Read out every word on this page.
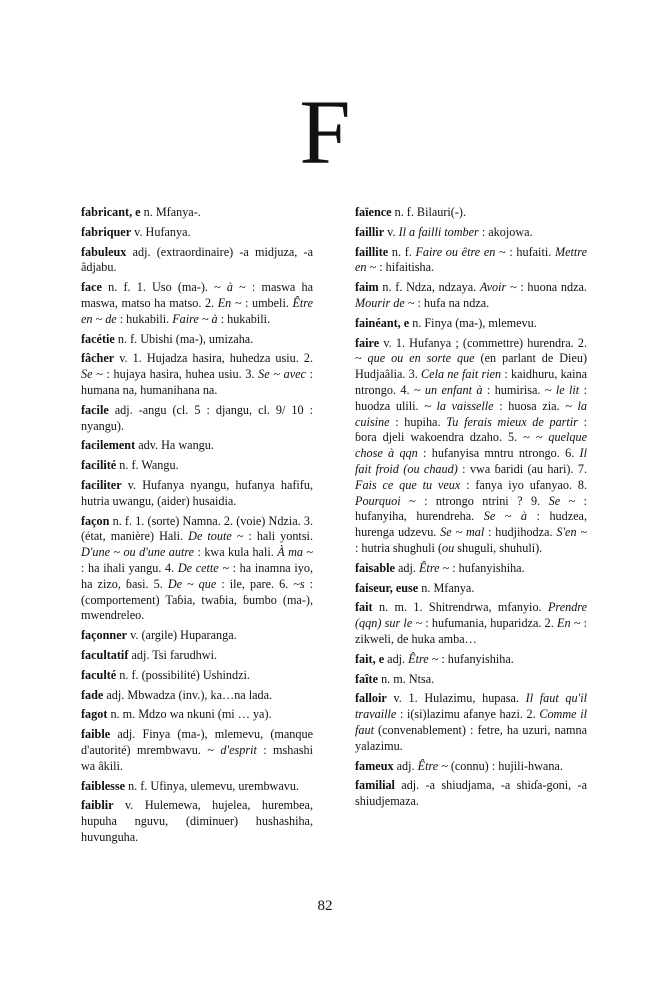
F

fabricant, e n. Mfanya-.

fabriquer v. Hufanya.

fabuleux adj. (extraordinaire) -a midjuza, -a âdjabu.

face n. f. 1. Uso (ma-). ~ à ~ : maswa ha maswa, matso ha matso. 2. En ~ : umbeli. Être en ~ de : hukabili. Faire ~ à : hukabili.

facétie n. f. Ubishi (ma-), umizaha.

fâcher v. 1. Hujadza hasira, huhedza usiu. 2. Se ~ : hujaya hasira, huhea usiu. 3. Se ~ avec : humana na, humanihana na.

facile adj. -angu (cl. 5 : djangu, cl. 9/ 10 : nyangu).

facilement adv. Ha wangu.

facilité n. f. Wangu.

faciliter v. Hufanya nyangu, hufanya hafifu, hutria uwangu, (aider) husaidia.

façon n. f. 1. (sorte) Namna. 2. (voie) Ndzia. 3. (état, manière) Hali. De toute ~ : hali yontsi. D'une ~ ou d'une autre : kwa kula hali. À ma ~ : ha ihali yangu. 4. De cette ~ : ha inamna iyo, ha zizo, ɓasi. 5. De ~ que : ile, pare. 6. ~s : (comportement) Taɓia, twaɓia, ɓumbo (ma-), mwendreleo.

façonner v. (argile) Huparanga.

facultatif adj. Tsi farudhwi.

faculté n. f. (possibilité) Ushindzi.

fade adj. Mbwadza (inv.), ka…na lada.

fagot n. m. Mdzo wa nkuni (mi … ya).

faible adj. Finya (ma-), mlemevu, (manque d'autorité) mrembwavu. ~ d'esprit : mshashi wa âkili.

faiblesse n. f. Ufinya, ulemevu, urembwavu.

faiblir v. Hulemewa, hujelea, hurembea, hupuha nguvu, (diminuer) hushashiha, huvunguha.

faïence n. f. Bilauri(-).

faillir v. Il a failli tomber : akojowa.

faillite n. f. Faire ou être en ~ : hufaiti. Mettre en ~ : hifaitisha.

faim n. f. Ndza, ndzaya. Avoir ~ : huona ndza. Mourir de ~ : hufa na ndza.

fainéant, e n. Finya (ma-), mlemevu.

faire v. 1. Hufanya ; (commettre) hurendra. 2. ~ que ou en sorte que (en parlant de Dieu) Hudjaâlia. 3. Cela ne fait rien : kaidhuru, kaina ntrongo. 4. ~ un enfant à : humirisa. ~ le lit : huodza ulili. ~ la vaisselle : huosa zia. ~ la cuisine : hupiha. Tu ferais mieux de partir : ɓora djeli wakoendra dzaho. 5. ~ ~ quelque chose à qqn : hufanyisa mntru ntrongo. 6. Il fait froid (ou chaud) : vwa ɓaridi (au hari). 7. Fais ce que tu veux : fanya iyo ufanyao. 8. Pourquoi ~ : ntrongo ntrini ? 9. Se ~ : hufanyiha, hurendreha. Se ~ à : hudzea, hurenga udzevu. Se ~ mal : hudjihodza. S'en ~ : hutria shughuli (ou shuguli, shuhuli).

faisable adj. Être ~ : hufanyishiha.

faiseur, euse n. Mfanya.

fait n. m. 1. Shitrendrwa, mfanyio. Prendre (qqn) sur le ~ : hufumania, huparidza. 2. En ~ : zikweli, de huka amba…

fait, e adj. Être ~ : hufanyishiha.

faîte n. m. Ntsa.

falloir v. 1. Hulazimu, hupasa. Il faut qu'il travaille : i(si)lazimu afanye hazi. 2. Comme il faut (convenablement) : fetre, ha uzuri, namna yalazimu.

fameux adj. Être ~ (connu) : hujili-hwana.

familial adj. -a shiudjama, -a shiɗa-goni, -a shiudjemaza.

82
